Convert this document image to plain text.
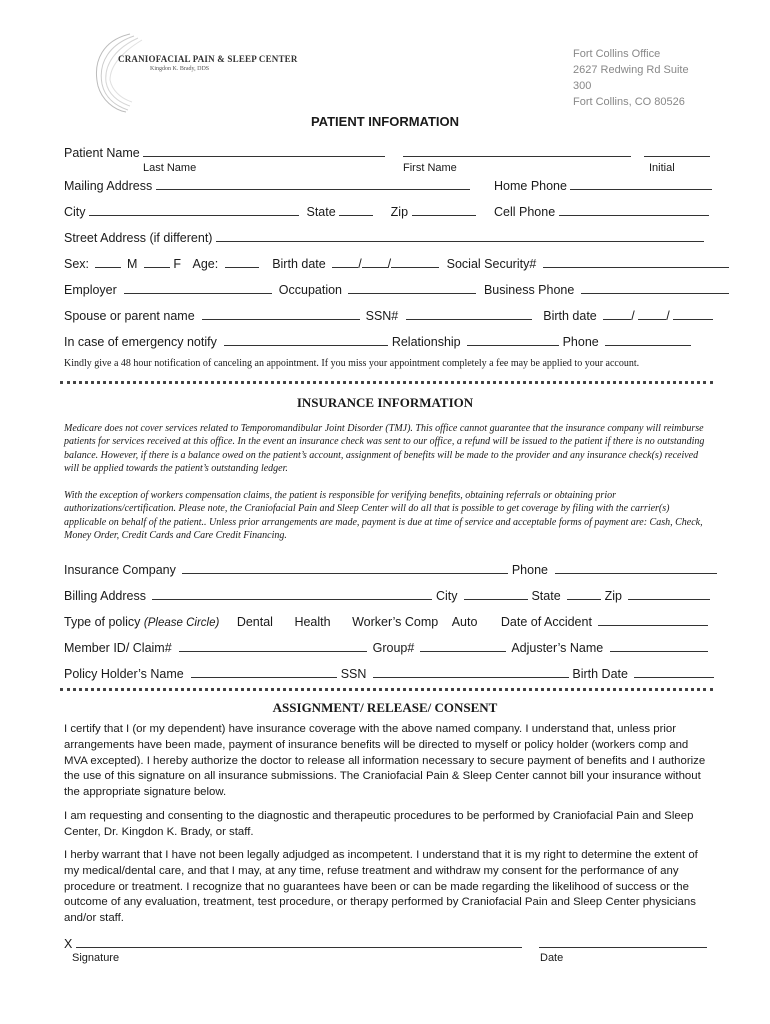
CRANIOFACIAL PAIN & SLEEP CENTER
Kingdon K. Brady, DDS
Fort Collins Office
2627 Redwing Rd Suite
300
Fort Collins, CO 80526
PATIENT INFORMATION
Patient Name
Last Name	First Name	Initial
Mailing Address	Home Phone
City	State	Zip	Cell Phone
Street Address (if different)
Sex:	M	F Age:	Birth date	/ /	Social Security#
Employer	Occupation	Business Phone
Spouse or parent name	SSN#	Birth date	/ /
In case of emergency notify	Relationship	Phone
Kindly give a 48 hour notification of canceling an appointment. If you miss your appointment completely a fee may be applied to your account.
INSURANCE INFORMATION
Medicare does not cover services related to Temporomandibular Joint Disorder (TMJ). This office cannot guarantee that the insurance company will reimburse patients for services received at this office. In the event an insurance check was sent to our office, a refund will be issued to the patient if there is no outstanding balance. However, if there is a balance owed on the patient’s account, assignment of benefits will be made to the provider and any insurance check(s) received will be applied towards the patient’s outstanding ledger.
With the exception of workers compensation claims, the patient is responsible for verifying benefits, obtaining referrals or obtaining prior authorizations/certification. Please note, the Craniofacial Pain and Sleep Center will do all that is possible to get coverage by filing with the carrier(s) applicable on behalf of the patient.. Unless prior arrangements are made, payment is due at time of service and acceptable forms of payment are: Cash, Check, Money Order, Credit Cards and Care Credit Financing.
Insurance Company	Phone
Billing Address	City	State	Zip
Type of policy (Please Circle) Dental Health Worker’s Comp Auto Date of Accident
Member ID/ Claim#	Group#	Adjuster’s Name
Policy Holder’s Name	SSN	Birth Date
ASSIGNMENT/ RELEASE/ CONSENT
I certify that I (or my dependent) have insurance coverage with the above named company. I understand that, unless prior arrangements have been made, payment of insurance benefits will be directed to myself or policy holder (workers comp and MVA excepted). I hereby authorize the doctor to release all information necessary to secure payment of benefits and I authorize the use of this signature on all insurance submissions. The Craniofacial Pain & Sleep Center cannot bill your insurance without the appropriate signature below.
I am requesting and consenting to the diagnostic and therapeutic procedures to be performed by Craniofacial Pain and Sleep Center, Dr. Kingdon K. Brady, or staff.
I herby warrant that I have not been legally adjudged as incompetent. I understand that it is my right to determine the extent of my medical/dental care, and that I may, at any time, refuse treatment and withdraw my consent for the performance of any procedure or treatment. I recognize that no guarantees have been or can be made regarding the likelihood of success or the outcome of any evaluation, treatment, test procedure, or therapy performed by Craniofacial Pain and Sleep Center physicians and/or staff.
X
Signature	Date
